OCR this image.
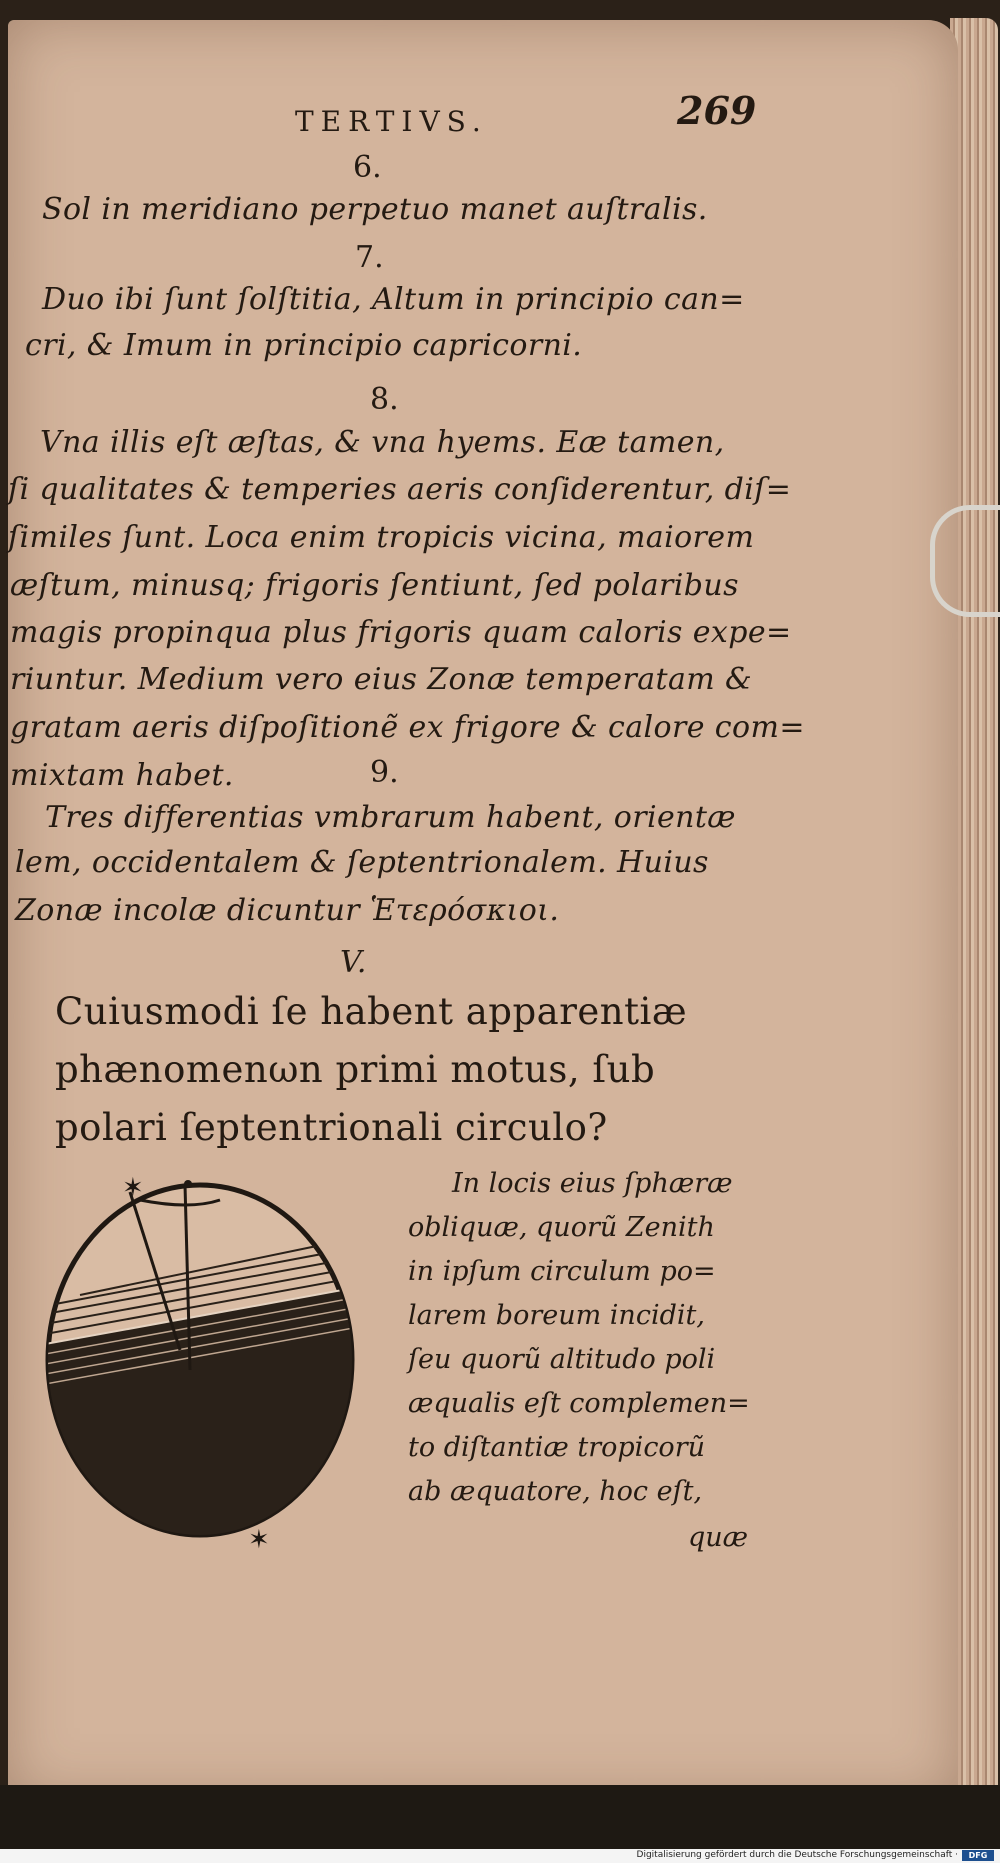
TERTIVS.	269
6.
Sol in meridiano perpetuo manet auſtralis.
7.
Duo ibi ſunt ſolſtitia, Altum in principio can=
cri, & Imum in principio capricorni.
8.
Vna illis eſt æſtas, & vna hyems. Eæ tamen,
ſi qualitates & temperies aeris conſiderentur, diſ=
ſimiles ſunt. Loca enim tropicis vicina, maiorem
æſtum, minusq; frigoris ſentiunt, ſed polaribus
magis propinqua plus frigoris quam caloris expe=
riuntur. Medium vero eius Zonæ temperatam &
gratam aeris diſpoſitionẽ ex frigore & calore com=
mixtam habet.	9.
Tres differentias vmbrarum habent, orientæ
lem, occidentalem & ſeptentrionalem. Huius
Zonæ incolæ dicuntur Ἑτερόσκιοι.
V.
Cuiusmodi ſe habent apparentiæ
phænomenωn primi motus, ſub
polari ſeptentrionali circulo?
✶
✶
In locis eius ſphæræ
obliquæ, quorũ Zenith
in ipſum circulum po=
larem boreum incidit,
ſeu quorũ altitudo poli
æqualis eſt complemen=
to diſtantiæ tropicorũ
ab æquatore, hoc eſt,
quæ
Digitalisierung gefördert durch die Deutsche Forschungsgemeinschaft ·	DFG
